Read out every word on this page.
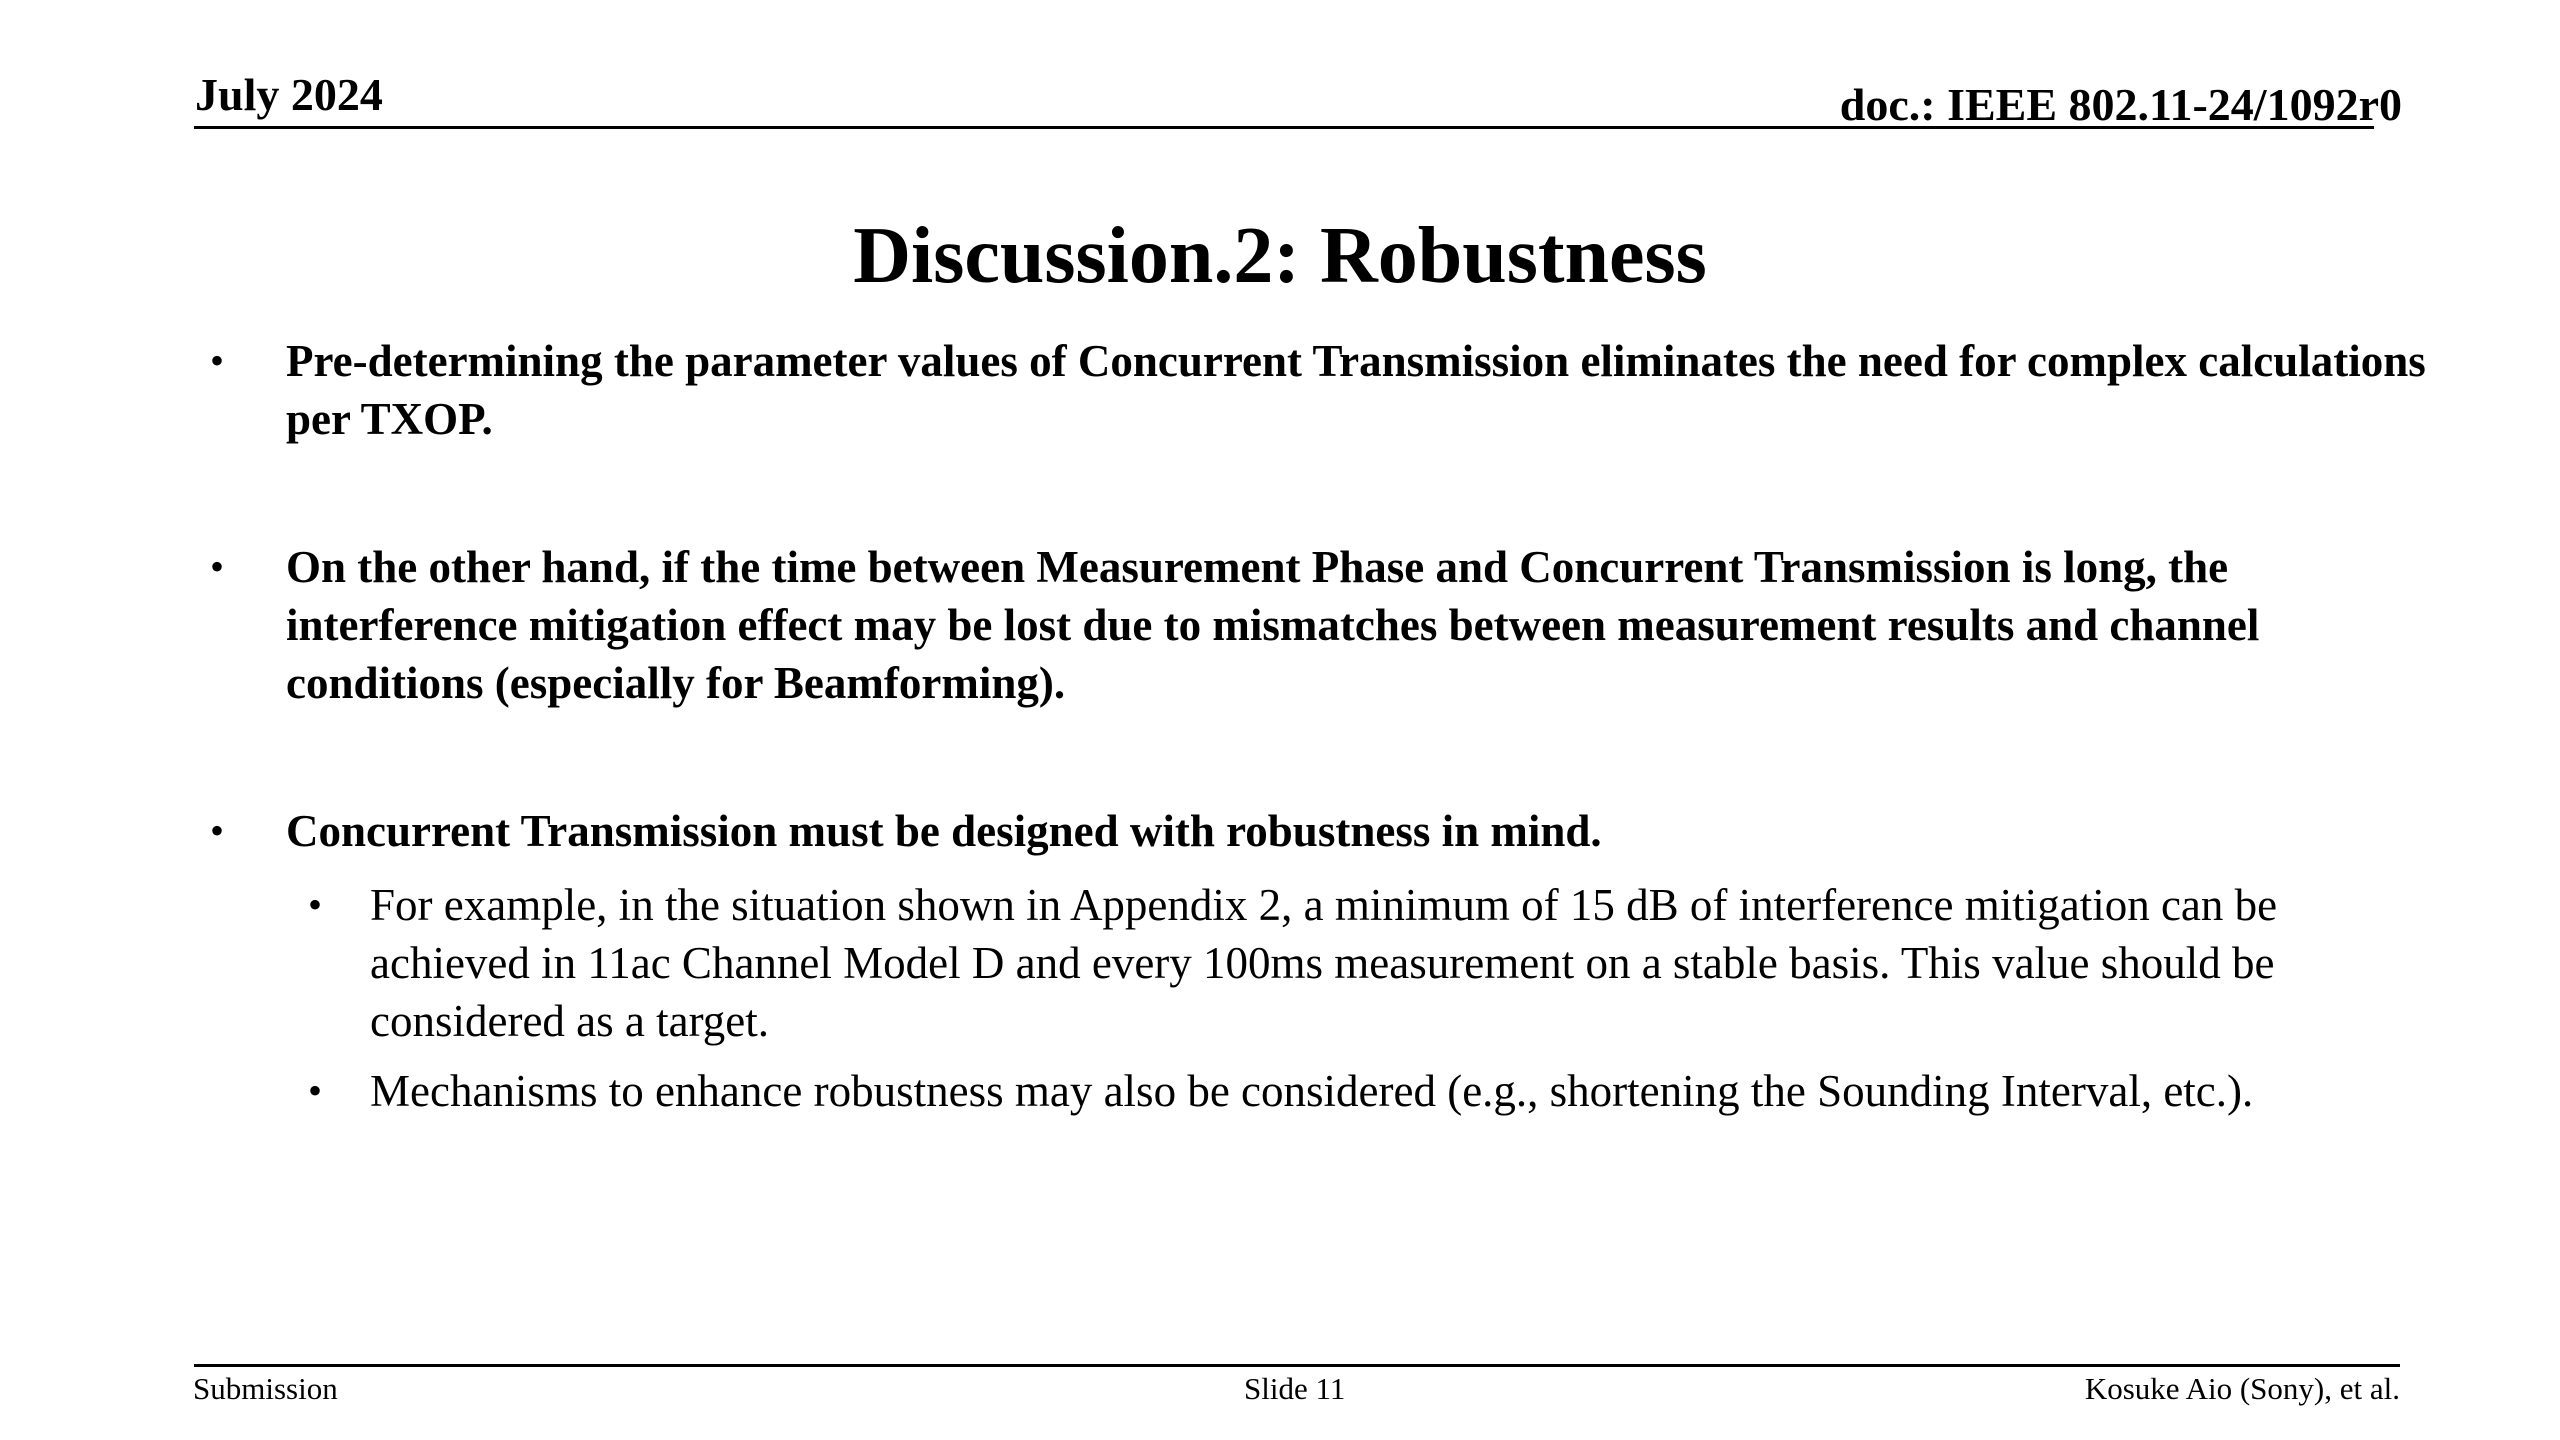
July 2024	doc.: IEEE 802.11-24/1092r0
Discussion.2: Robustness
• Pre-determining the parameter values of Concurrent Transmission eliminates the need for complex calculations per TXOP.
• On the other hand, if the time between Measurement Phase and Concurrent Transmission is long, the interference mitigation effect may be lost due to mismatches between measurement results and channel conditions (especially for Beamforming).
• Concurrent Transmission must be designed with robustness in mind.
• For example, in the situation shown in Appendix 2, a minimum of 15 dB of interference mitigation can be achieved in 11ac Channel Model D and every 100ms measurement on a stable basis. This value should be considered as a target.
• Mechanisms to enhance robustness may also be considered (e.g., shortening the Sounding Interval, etc.).
Submission	Slide 11	Kosuke Aio (Sony), et al.
